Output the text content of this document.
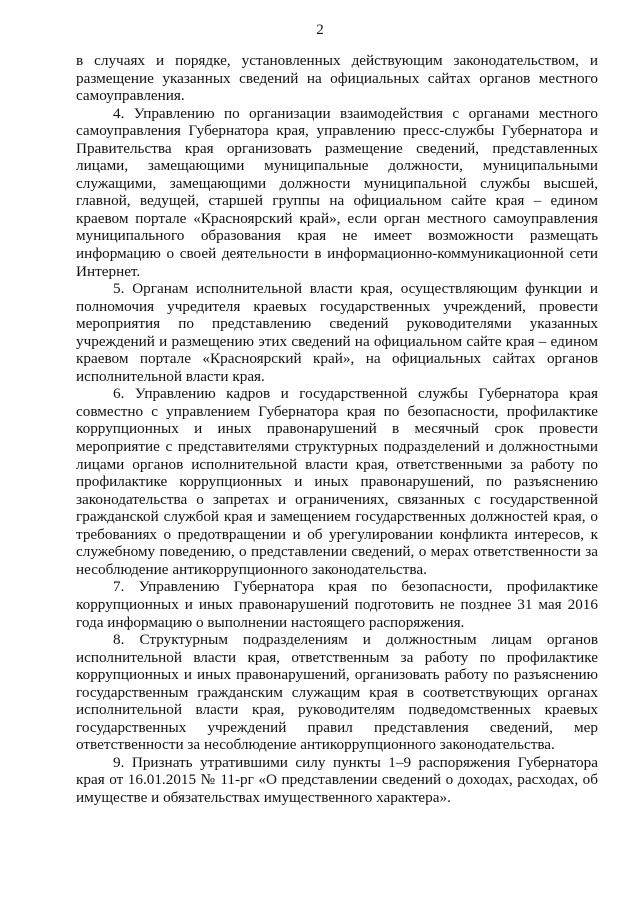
2

в случаях и порядке, установленных действующим законодательством, и размещение указанных сведений на официальных сайтах органов местного самоуправления.

4. Управлению по организации взаимодействия с органами местного самоуправления Губернатора края, управлению пресс-службы Губернатора и Правительства края организовать размещение сведений, представленных лицами, замещающими муниципальные должности, муниципальными служащими, замещающими должности муниципальной службы высшей, главной, ведущей, старшей группы на официальном сайте края – едином краевом портале «Красноярский край», если орган местного самоуправления муниципального образования края не имеет возможности размещать информацию о своей деятельности в информационно-коммуникационной сети Интернет.

5. Органам исполнительной власти края, осуществляющим функции и полномочия учредителя краевых государственных учреждений, провести мероприятия по представлению сведений руководителями указанных учреждений и размещению этих сведений на официальном сайте края – едином краевом портале «Красноярский край», на официальных сайтах органов исполнительной власти края.

6. Управлению кадров и государственной службы Губернатора края совместно с управлением Губернатора края по безопасности, профилактике коррупционных и иных правонарушений в месячный срок провести мероприятие с представителями структурных подразделений и должностными лицами органов исполнительной власти края, ответственными за работу по профилактике коррупционных и иных правонарушений, по разъяснению законодательства о запретах и ограничениях, связанных с государственной гражданской службой края и замещением государственных должностей края, о требованиях о предотвращении и об урегулировании конфликта интересов, к служебному поведению, о представлении сведений, о мерах ответственности за несоблюдение антикоррупционного законодательства.

7. Управлению Губернатора края по безопасности, профилактике коррупционных и иных правонарушений подготовить не позднее 31 мая 2016 года информацию о выполнении настоящего распоряжения.

8. Структурным подразделениям и должностным лицам органов исполнительной власти края, ответственным за работу по профилактике коррупционных и иных правонарушений, организовать работу по разъяснению государственным гражданским служащим края в соответствующих органах исполнительной власти края, руководителям подведомственных краевых государственных учреждений правил представления сведений, мер ответственности за несоблюдение антикоррупционного законодательства.

9. Признать утратившими силу пункты 1–9 распоряжения Губернатора края от 16.01.2015 № 11-рг «О представлении сведений о доходах, расходах, об имуществе и обязательствах имущественного характера».
